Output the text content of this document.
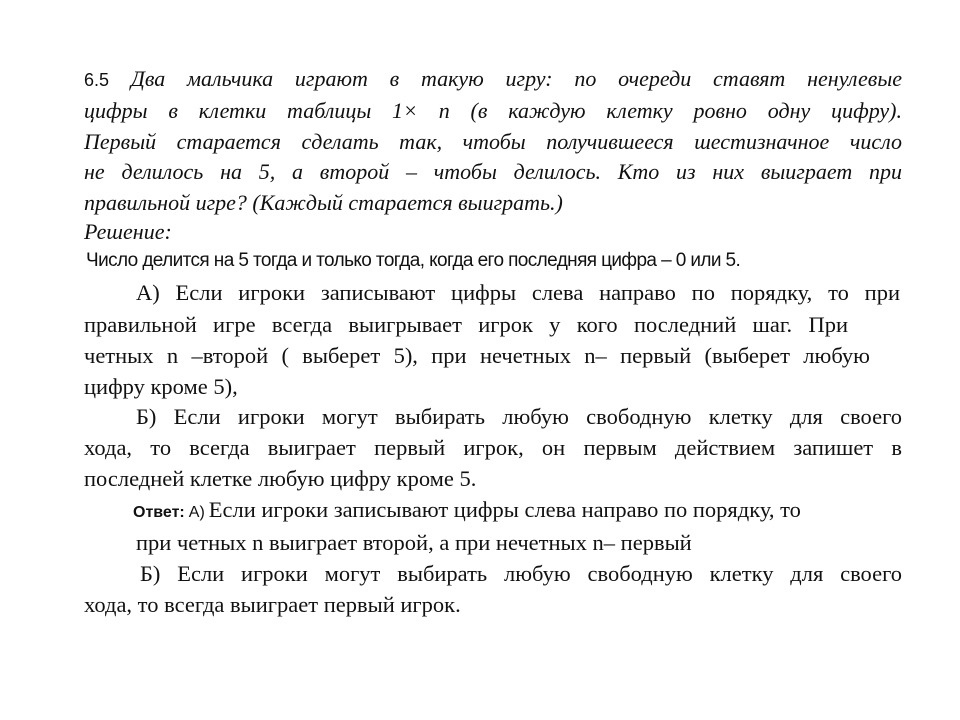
6.5 Два мальчика играют в такую игру: по очереди ставят ненулевые
цифры в клетки таблицы 1× n (в каждую клетку ровно одну цифру).
Первый старается сделать так, чтобы получившееся шестизначное число
не делилось на 5, а второй – чтобы делилось. Кто из них выиграет при
правильной игре? (Каждый старается выиграть.)
Решение:
Число делится на 5 тогда и только тогда, когда его последняя цифра – 0 или 5.
А) Если игроки записывают цифры слева направо по порядку, то при
правильной игре всегда выигрывает игрок у кого последний шаг. При
четных n –второй ( выберет 5), при нечетных n– первый (выберет любую
цифру кроме 5),
Б) Если игроки могут выбирать любую свободную клетку для своего
хода, то всегда выиграет первый игрок, он первым действием запишет в
последней клетке любую цифру кроме 5.
Ответ: А) Если игроки записывают цифры слева направо по порядку, то
при четных n выиграет второй, а при нечетных n– первый
Б) Если игроки могут выбирать любую свободную клетку для своего
хода, то всегда выиграет первый игрок.
